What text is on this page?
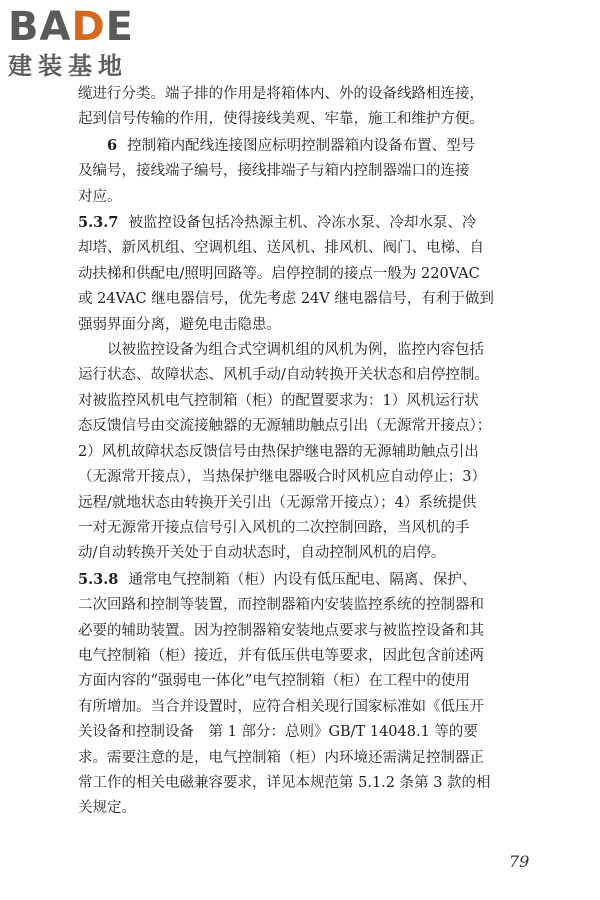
BADE
建装基地
缆进行分类。端子排的作用是将箱体内、外的设备线路相连接，
起到信号传输的作用，使得接线美观、牢靠，施工和维护方便。
6 控制箱内配线连接图应标明控制器箱内设备布置、型号
及编号，接线端子编号，接线排端子与箱内控制器端口的连接
对应。
5.3.7 被监控设备包括冷热源主机、冷冻水泵、冷却水泵、冷
却塔、新风机组、空调机组、送风机、排风机、阀门、电梯、自
动扶梯和供配电/照明回路等。启停控制的接点一般为 220VAC
或 24VAC 继电器信号，优先考虑 24V 继电器信号，有利于做到
强弱界面分离，避免电击隐患。
以被监控设备为组合式空调机组的风机为例，监控内容包括
运行状态、故障状态、风机手动/自动转换开关状态和启停控制。
对被监控风机电气控制箱（柜）的配置要求为：1）风机运行状
态反馈信号由交流接触器的无源辅助触点引出（无源常开接点）；
2）风机故障状态反馈信号由热保护继电器的无源辅助触点引出
（无源常开接点），当热保护继电器吸合时风机应自动停止；3）
远程/就地状态由转换开关引出（无源常开接点）；4）系统提供
一对无源常开接点信号引入风机的二次控制回路，当风机的手
动/自动转换开关处于自动状态时，自动控制风机的启停。
5.3.8 通常电气控制箱（柜）内设有低压配电、隔离、保护、
二次回路和控制等装置，而控制器箱内安装监控系统的控制器和
必要的辅助装置。因为控制器箱安装地点要求与被监控设备和其
电气控制箱（柜）接近，并有低压供电等要求，因此包含前述两
方面内容的“强弱电一体化”电气控制箱（柜）在工程中的使用
有所增加。当合并设置时，应符合相关现行国家标准如《低压开
关设备和控制设备　第 1 部分：总则》GB/T 14048.1 等的要
求。需要注意的是，电气控制箱（柜）内环境还需满足控制器正
常工作的相关电磁兼容要求，详见本规范第 5.1.2 条第 3 款的相
关规定。
79
